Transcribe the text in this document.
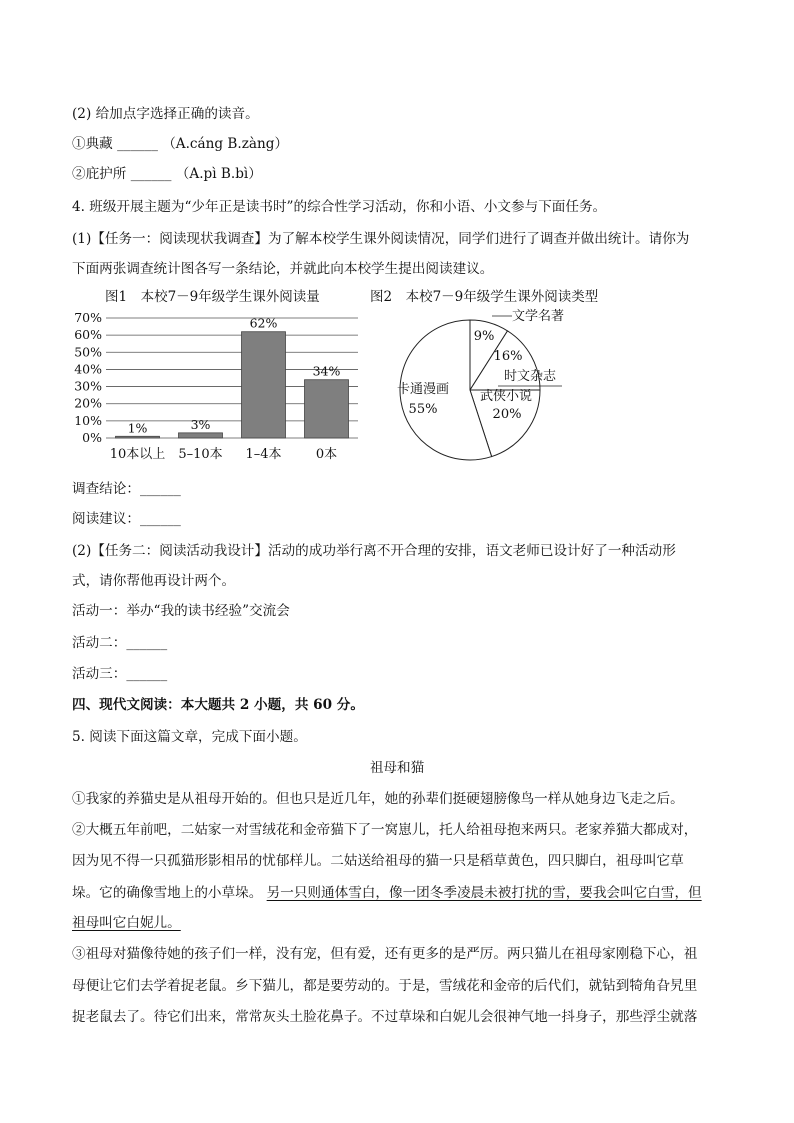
(2) 给加点字选择正确的读音。
①典藏 ______ （A.cáng B.zàng）
②庇护所 ______ （A.pì B.bì）
4. 班级开展主题为“少年正是读书时”的综合性学习活动，你和小语、小文参与下面任务。
(1)【任务一：阅读现状我调查】为了解本校学生课外阅读情况，同学们进行了调查并做出统计。请你为
下面两张调查统计图各写一条结论，并就此向本校学生提出阅读建议。
图1　本校7－9年级学生课外阅读量	图2　本校7－9年级学生课外阅读类型
0%
10%
20%
30%
40%
50%
60%
70%
1%
10本以上
3%
5–10本
62%
1–4本
34%
0本
9%
文学名著
16%
时文杂志
20%
武侠小说
55%
卡通漫画
调查结论：______
阅读建议：______
(2)【任务二：阅读活动我设计】活动的成功举行离不开合理的安排，语文老师已设计好了一种活动形
式，请你帮他再设计两个。
活动一：举办“我的读书经验”交流会
活动二：______
活动三：______
四、现代文阅读：本大题共 2 小题，共 60 分。
5. 阅读下面这篇文章，完成下面小题。
祖母和猫
①我家的养猫史是从祖母开始的。但也只是近几年，她的孙辈们挺硬翅膀像鸟一样从她身边飞走之后。
②大概五年前吧，二姑家一对雪绒花和金帝猫下了一窝崽儿，托人给祖母抱来两只。老家养猫大都成对，
因为见不得一只孤猫形影相吊的忧郁样儿。二姑送给祖母的猫一只是稻草黄色，四只脚白，祖母叫它草
垛。它的确像雪地上的小草垛。 另一只则通体雪白，像一团冬季凌晨未被打扰的雪，要我会叫它白雪，但
祖母叫它白妮儿。
③祖母对猫像待她的孩子们一样，没有宠，但有爱，还有更多的是严厉。两只猫儿在祖母家刚稳下心，祖
母便让它们去学着捉老鼠。乡下猫儿，都是要劳动的。于是，雪绒花和金帝的后代们，就钻到犄角旮旯里
捉老鼠去了。待它们出来，常常灰头土脸花鼻子。不过草垛和白妮儿会很神气地一抖身子，那些浮尘就落
